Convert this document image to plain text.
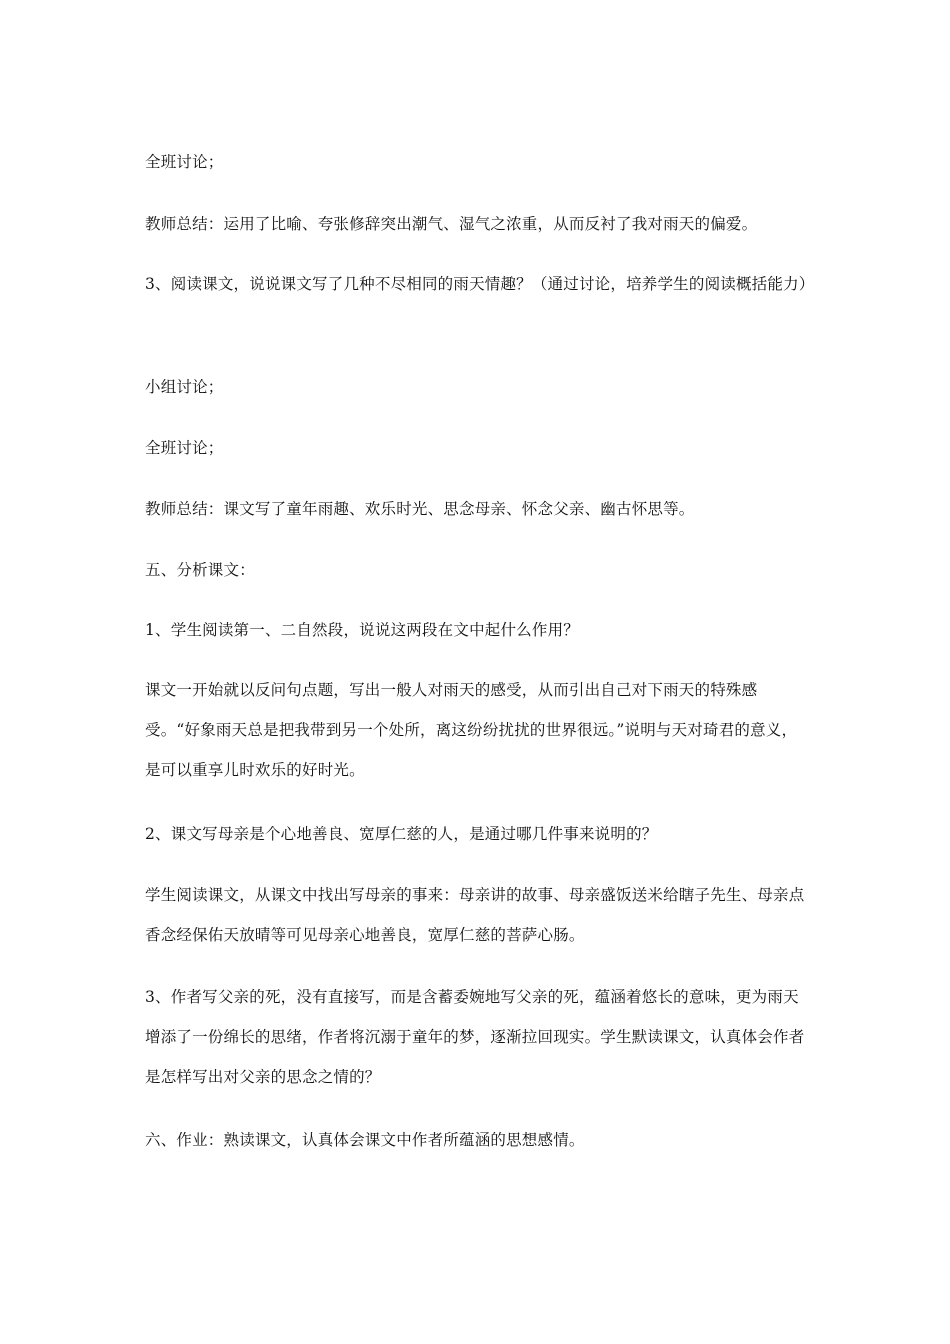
全班讨论；

教师总结：运用了比喻、夸张修辞突出潮气、湿气之浓重，从而反衬了我对雨天的偏爱。

3、阅读课文，说说课文写了几种不尽相同的雨天情趣？（通过讨论，培养学生的阅读概括能力）

小组讨论；

全班讨论；

教师总结：课文写了童年雨趣、欢乐时光、思念母亲、怀念父亲、幽古怀思等。

五、分析课文：

1、学生阅读第一、二自然段，说说这两段在文中起什么作用？

课文一开始就以反问句点题，写出一般人对雨天的感受，从而引出自己对下雨天的特殊感受。“好象雨天总是把我带到另一个处所，离这纷纷扰扰的世界很远。”说明与天对琦君的意义，是可以重享儿时欢乐的好时光。

2、课文写母亲是个心地善良、宽厚仁慈的人，是通过哪几件事来说明的？

学生阅读课文，从课文中找出写母亲的事来：母亲讲的故事、母亲盛饭送米给瞎子先生、母亲点香念经保佑天放晴等可见母亲心地善良，宽厚仁慈的菩萨心肠。

3、作者写父亲的死，没有直接写，而是含蓄委婉地写父亲的死，蕴涵着悠长的意味，更为雨天增添了一份绵长的思绪，作者将沉溺于童年的梦，逐渐拉回现实。学生默读课文，认真体会作者是怎样写出对父亲的思念之情的？

六、作业：熟读课文，认真体会课文中作者所蕴涵的思想感情。
